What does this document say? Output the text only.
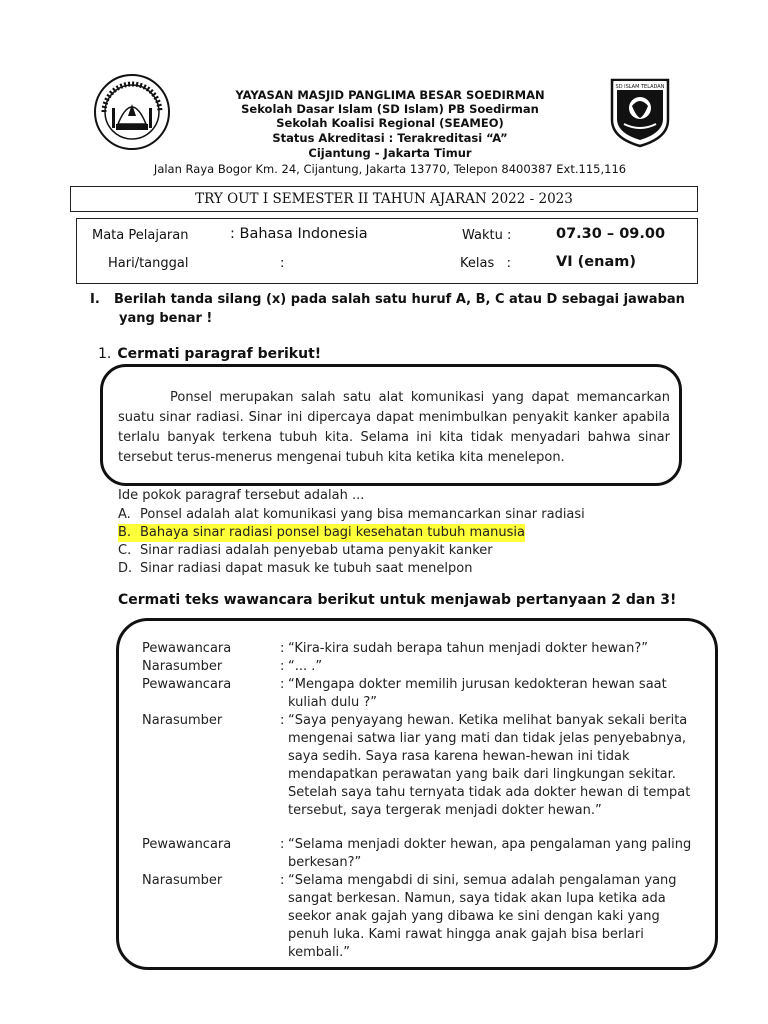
SD ISLAM TELADAN
YAYASAN MASJID PANGLIMA BESAR SOEDIRMAN
Sekolah Dasar Islam (SD Islam) PB Soedirman
Sekolah Koalisi Regional (SEAMEO)
Status Akreditasi : Terakreditasi “A”
Cijantung - Jakarta Timur
Jalan Raya Bogor Km. 24, Cijantung, Jakarta 13770, Telepon 8400387 Ext.115,116
TRY OUT I SEMESTER II TAHUN AJARAN 2022 - 2023
Mata Pelajaran	: Bahasa Indonesia
Hari/tanggal	:
Waktu :	07.30 – 09.00
Kelas   :	VI (enam)
I. Berilah tanda silang (x) pada salah satu huruf A, B, C atau D sebagai jawaban
yang benar !
1. Cermati paragraf berikut!
Ponsel merupakan salah satu alat komunikasi yang dapat memancarkan suatu sinar radiasi. Sinar ini dipercaya dapat menimbulkan penyakit kanker apabila terlalu banyak terkena tubuh kita. Selama ini kita tidak menyadari bahwa sinar tersebut terus-menerus mengenai tubuh kita ketika kita menelepon.
Ide pokok paragraf tersebut adalah ...
A. Ponsel adalah alat komunikasi yang bisa memancarkan sinar radiasi
B. Bahaya sinar radiasi ponsel bagi kesehatan tubuh manusia
C. Sinar radiasi adalah penyebab utama penyakit kanker
D. Sinar radiasi dapat masuk ke tubuh saat menelpon
Cermati teks wawancara berikut untuk menjawab pertanyaan 2 dan 3!
Pewawancara	: “Kira-kira sudah berapa tahun menjadi dokter hewan?”
Narasumber	: “... .”
Pewawancara	: “Mengapa dokter memilih jurusan kedokteran hewan saat kuliah dulu ?”
Narasumber	: “Saya penyayang hewan. Ketika melihat banyak sekali berita mengenai satwa liar yang mati dan tidak jelas penyebabnya, saya sedih. Saya rasa karena hewan-hewan ini tidak mendapatkan perawatan yang baik dari lingkungan sekitar. Setelah saya tahu ternyata tidak ada dokter hewan di tempat tersebut, saya tergerak menjadi dokter hewan.”
Pewawancara	: “Selama menjadi dokter hewan, apa pengalaman yang paling berkesan?”
Narasumber	: “Selama mengabdi di sini, semua adalah pengalaman yang sangat berkesan. Namun, saya tidak akan lupa ketika ada seekor anak gajah yang dibawa ke sini dengan kaki yang penuh luka. Kami rawat hingga anak gajah bisa berlari kembali.”
